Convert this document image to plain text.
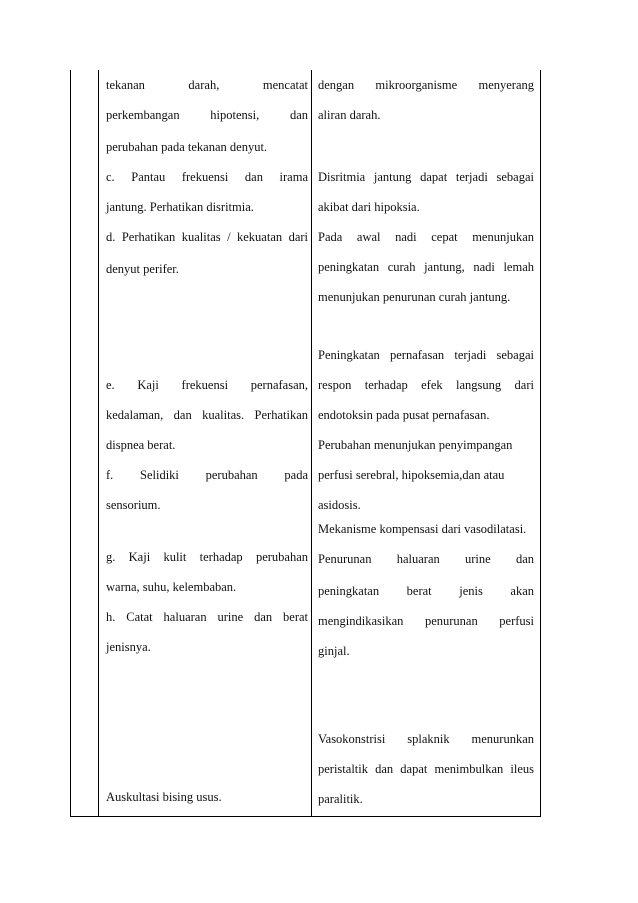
tekanan darah, mencatat
perkembangan hipotensi, dan
perubahan pada tekanan denyut.
c. Pantau frekuensi dan irama
jantung. Perhatikan disritmia.
d. Perhatikan kualitas / kekuatan dari
denyut perifer.
e. Kaji frekuensi pernafasan,
kedalaman, dan kualitas. Perhatikan
dispnea berat.
f. Selidiki perubahan pada
sensorium.
g. Kaji kulit terhadap perubahan
warna, suhu, kelembaban.
h. Catat haluaran urine dan berat
jenisnya.
Auskultasi bising usus.
dengan mikroorganisme menyerang
aliran darah.
Disritmia jantung dapat terjadi sebagai
akibat dari hipoksia.
Pada awal nadi cepat menunjukan
peningkatan curah jantung, nadi lemah
menunjukan penurunan curah jantung.
Peningkatan pernafasan terjadi sebagai
respon terhadap efek langsung dari
endotoksin pada pusat pernafasan.
Perubahan menunjukan penyimpangan
perfusi serebral, hipoksemia,dan atau
asidosis.
Mekanisme kompensasi dari vasodilatasi.
Penurunan haluaran urine dan
peningkatan berat jenis akan
mengindikasikan penurunan perfusi
ginjal.
Vasokonstrisi splaknik menurunkan
peristaltik dan dapat menimbulkan ileus
paralitik.
